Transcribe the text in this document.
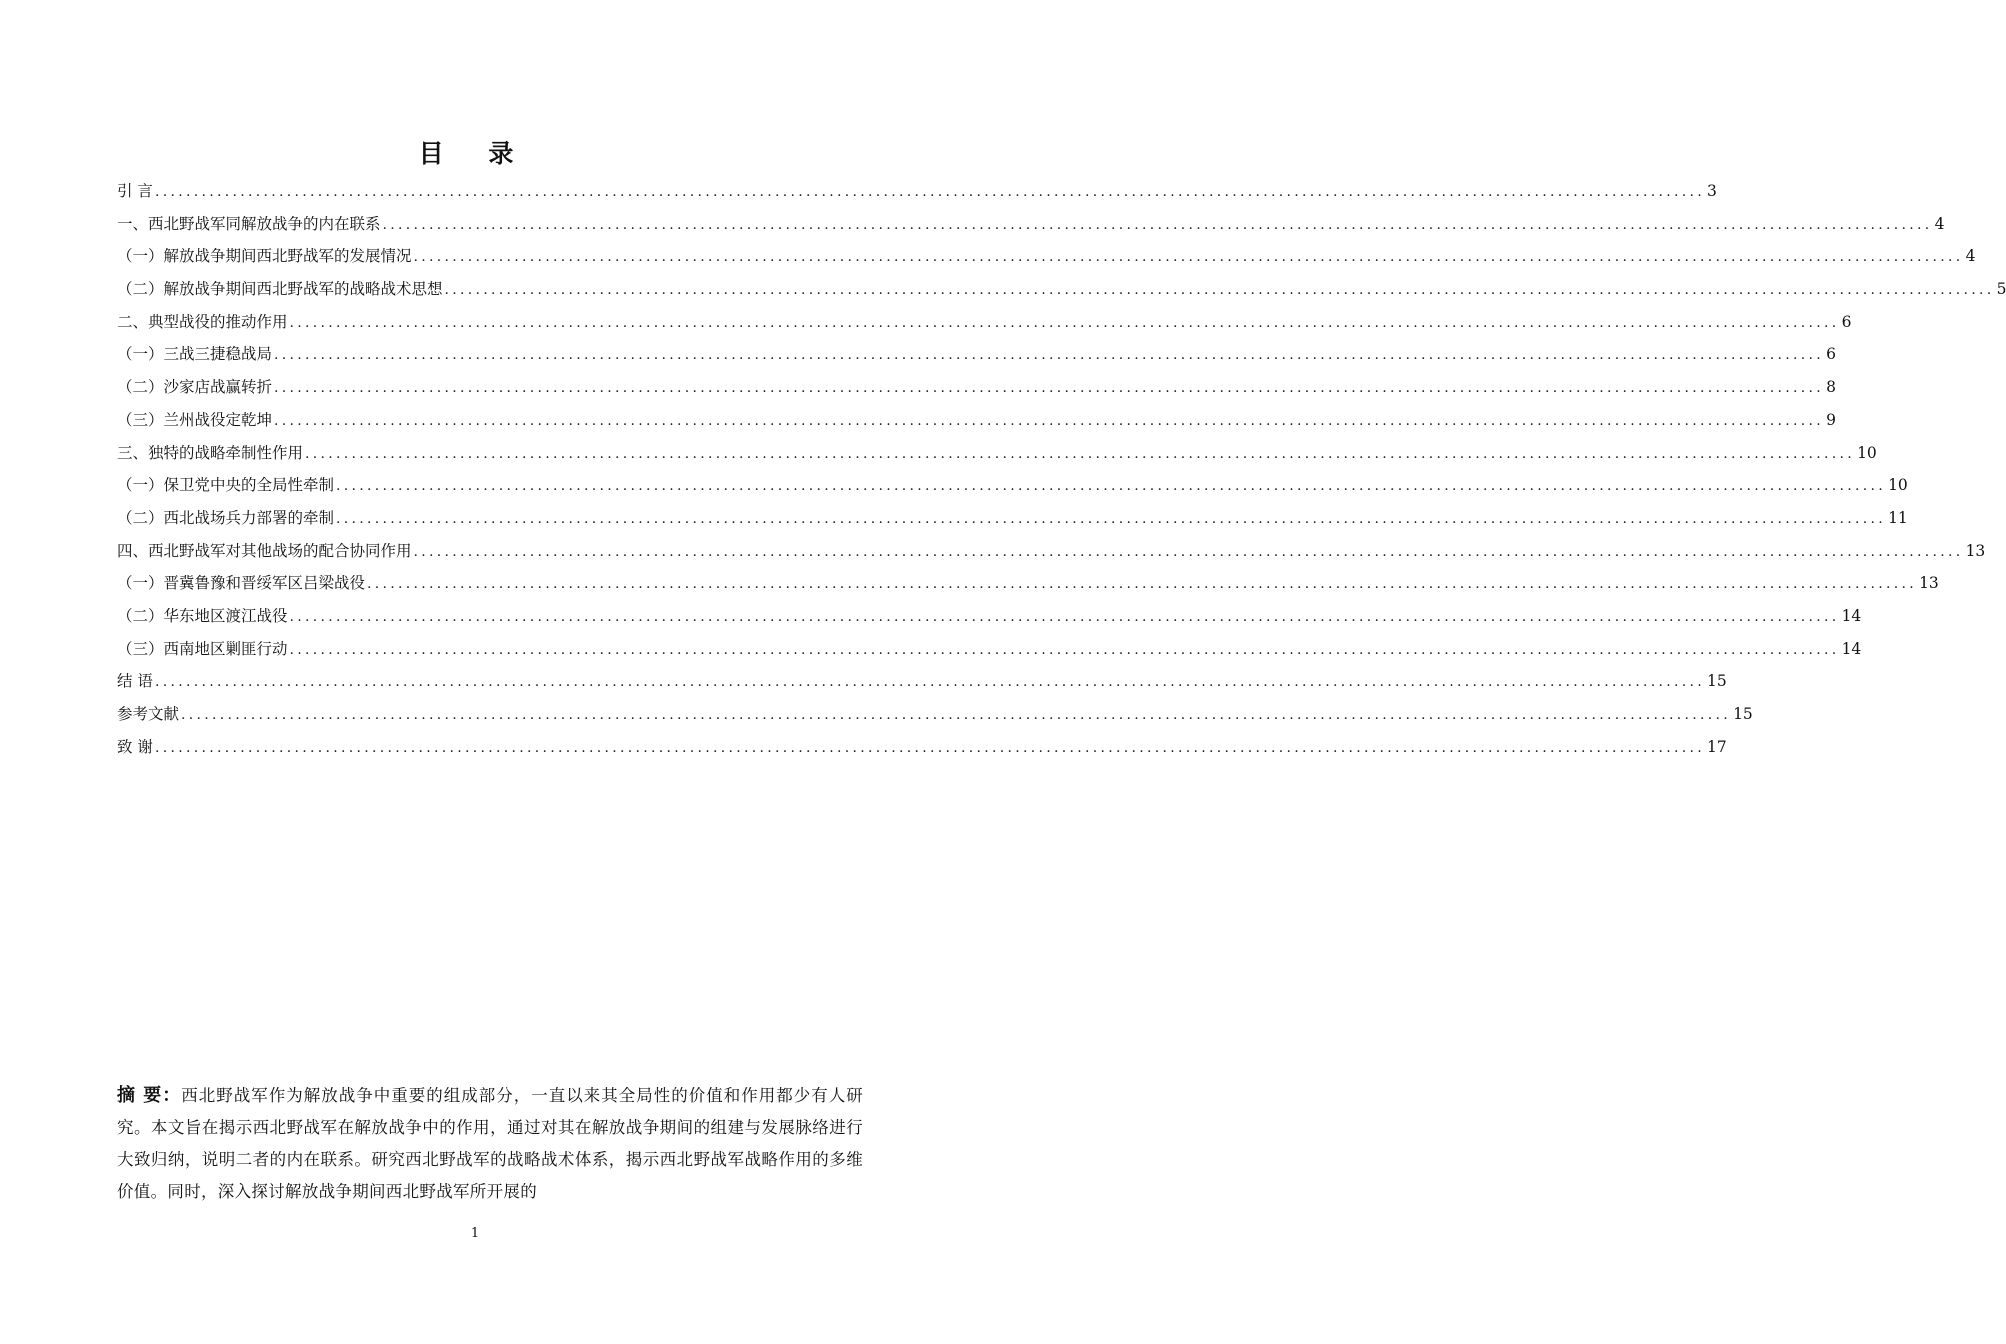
目 录
引 言 ........................................................................................................................................................................................................ 3
一、西北野战军同解放战争的内在联系 ........................................................................................................................................................................................................ 4
（一）解放战争期间西北野战军的发展情况 ........................................................................................................................................................................................................ 4
（二）解放战争期间西北野战军的战略战术思想 ........................................................................................................................................................................................................ 5
二、典型战役的推动作用 ........................................................................................................................................................................................................ 6
（一）三战三捷稳战局 ........................................................................................................................................................................................................ 6
（二）沙家店战赢转折 ........................................................................................................................................................................................................ 8
（三）兰州战役定乾坤 ........................................................................................................................................................................................................ 9
三、独特的战略牵制性作用 ........................................................................................................................................................................................................ 10
（一）保卫党中央的全局性牵制 ........................................................................................................................................................................................................ 10
（二）西北战场兵力部署的牵制 ........................................................................................................................................................................................................ 11
四、西北野战军对其他战场的配合协同作用 ........................................................................................................................................................................................................ 13
（一）晋冀鲁豫和晋绥军区吕梁战役 ........................................................................................................................................................................................................ 13
（二）华东地区渡江战役 ........................................................................................................................................................................................................ 14
（三）西南地区剿匪行动 ........................................................................................................................................................................................................ 14
结 语 ........................................................................................................................................................................................................ 15
参考文献 ........................................................................................................................................................................................................ 15
致 谢 ........................................................................................................................................................................................................ 17
摘 要：西北野战军作为解放战争中重要的组成部分，一直以来其全局性的价值和作用都少有人研究。本文旨在揭示西北野战军在解放战争中的作用，通过对其在解放战争期间的组建与发展脉络进行大致归纳，说明二者的内在联系。研究西北野战军的战略战术体系，揭示西北野战军战略作用的多维价值。同时，深入探讨解放战争期间西北野战军所开展的
1
